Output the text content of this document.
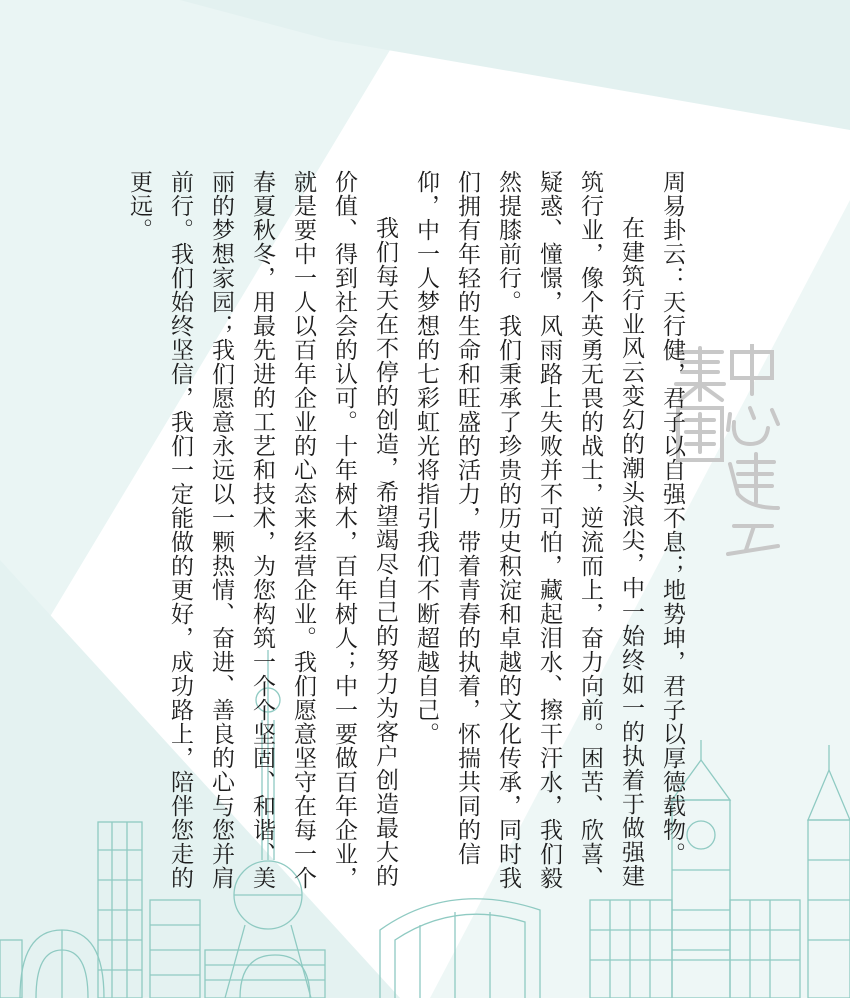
周易卦云：天行健，君子以自强不息；地势坤，君子以厚德载物。

在建筑行业风云变幻的潮头浪尖，中一始终如一的执着于做强建筑行业，像个英勇无畏的战士，逆流而上，奋力向前。困苦、欣喜、疑惑、憧憬，风雨路上失败并不可怕，藏起泪水、擦干汗水，我们毅然提膝前行。我们秉承了珍贵的历史积淀和卓越的文化传承，同时我们拥有年轻的生命和旺盛的活力，带着青春的执着，怀揣共同的信仰，中一人梦想的七彩虹光将指引我们不断超越自己。

我们每天在不停的创造，希望竭尽自己的努力为客户创造最大的价值、得到社会的认可。十年树木，百年树人；中一要做百年企业，就是要中一人以百年企业的心态来经营企业。我们愿意坚守在每一个春夏秋冬，用最先进的工艺和技术，为您构筑一个个坚固、和谐、美丽的梦想家园；我们愿意永远以一颗热情、奋进、善良的心与您并肩前行。我们始终坚信，我们一定能做的更好，成功路上，陪伴您走的更远。
